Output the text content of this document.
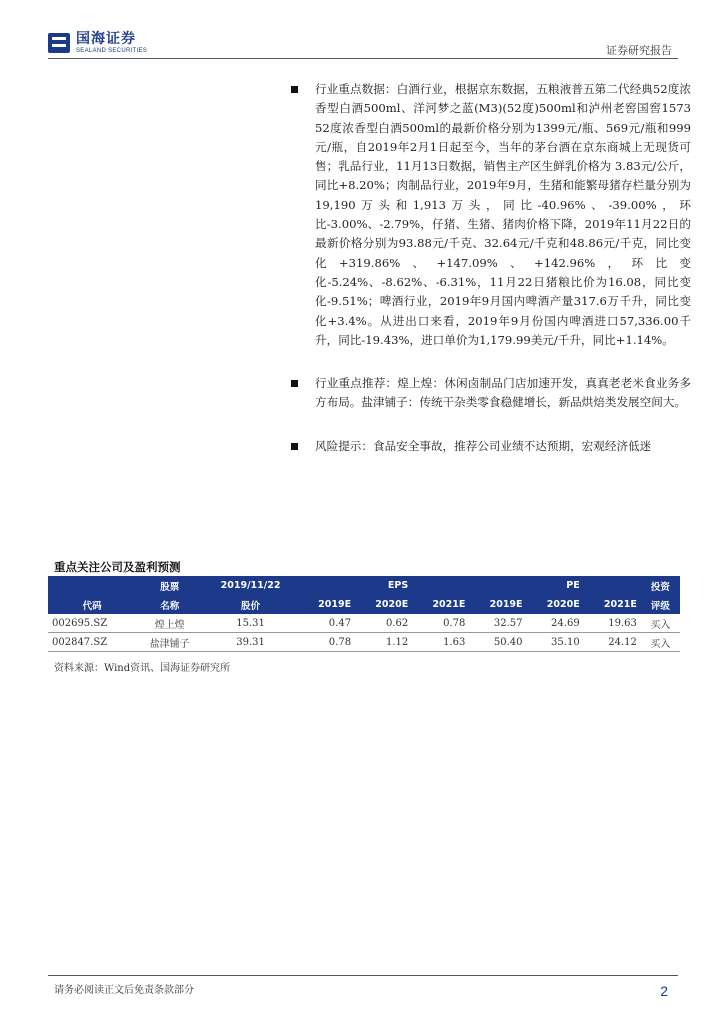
国海证券
SEALAND SECURITIES	证券研究报告
行业重点数据：白酒行业，根据京东数据，五粮液普五第二代经典52度浓香型白酒500ml、洋河梦之蓝(M3)(52度)500ml和泸州老窖国窖1573 52度浓香型白酒500ml的最新价格分别为1399元/瓶、569元/瓶和999元/瓶，自2019年2月1日起至今，当年的茅台酒在京东商城上无现货可售；乳品行业，11月13日数据，销售主产区生鲜乳价格为 3.83元/公斤，同比+8.20%；肉制品行业，2019年9月，生猪和能繁母猪存栏量分别为19,190万头和1,913万头，同比-40.96%、-39.00%，环比-3.00%、-2.79%，仔猪、生猪、猪肉价格下降，2019年11月22日的最新价格分别为93.88元/千克、32.64元/千克和48.86元/千克，同比变化+319.86%、+147.09%、+142.96%，环比变化-5.24%、-8.62%、-6.31%，11月22日猪粮比价为16.08，同比变化-9.51%；啤酒行业，2019年9月国内啤酒产量317.6万千升，同比变化+3.4%。从进出口来看，2019年9月份国内啤酒进口57,336.00千升，同比-19.43%，进口单价为1,179.99美元/千升，同比+1.14%。
行业重点推荐：煌上煌：休闲卤制品门店加速开发，真真老老米食业务多方布局。盐津铺子：传统干杂类零食稳健增长，新品烘焙类发展空间大。
风险提示：食品安全事故，推荐公司业绩不达预期，宏观经济低迷
重点关注公司及盈利预测
	股票	2019/11/22		EPS			PE		投资
代码	名称	股价	2019E	2020E	2021E	2019E	2020E	2021E	评级
002695.SZ	煌上煌	15.31	0.47	0.62	0.78	32.57	24.69	19.63	买入
002847.SZ	盐津铺子	39.31	0.78	1.12	1.63	50.40	35.10	24.12	买入
资料来源：Wind资讯、国海证券研究所
请务必阅读正文后免责条款部分	2
